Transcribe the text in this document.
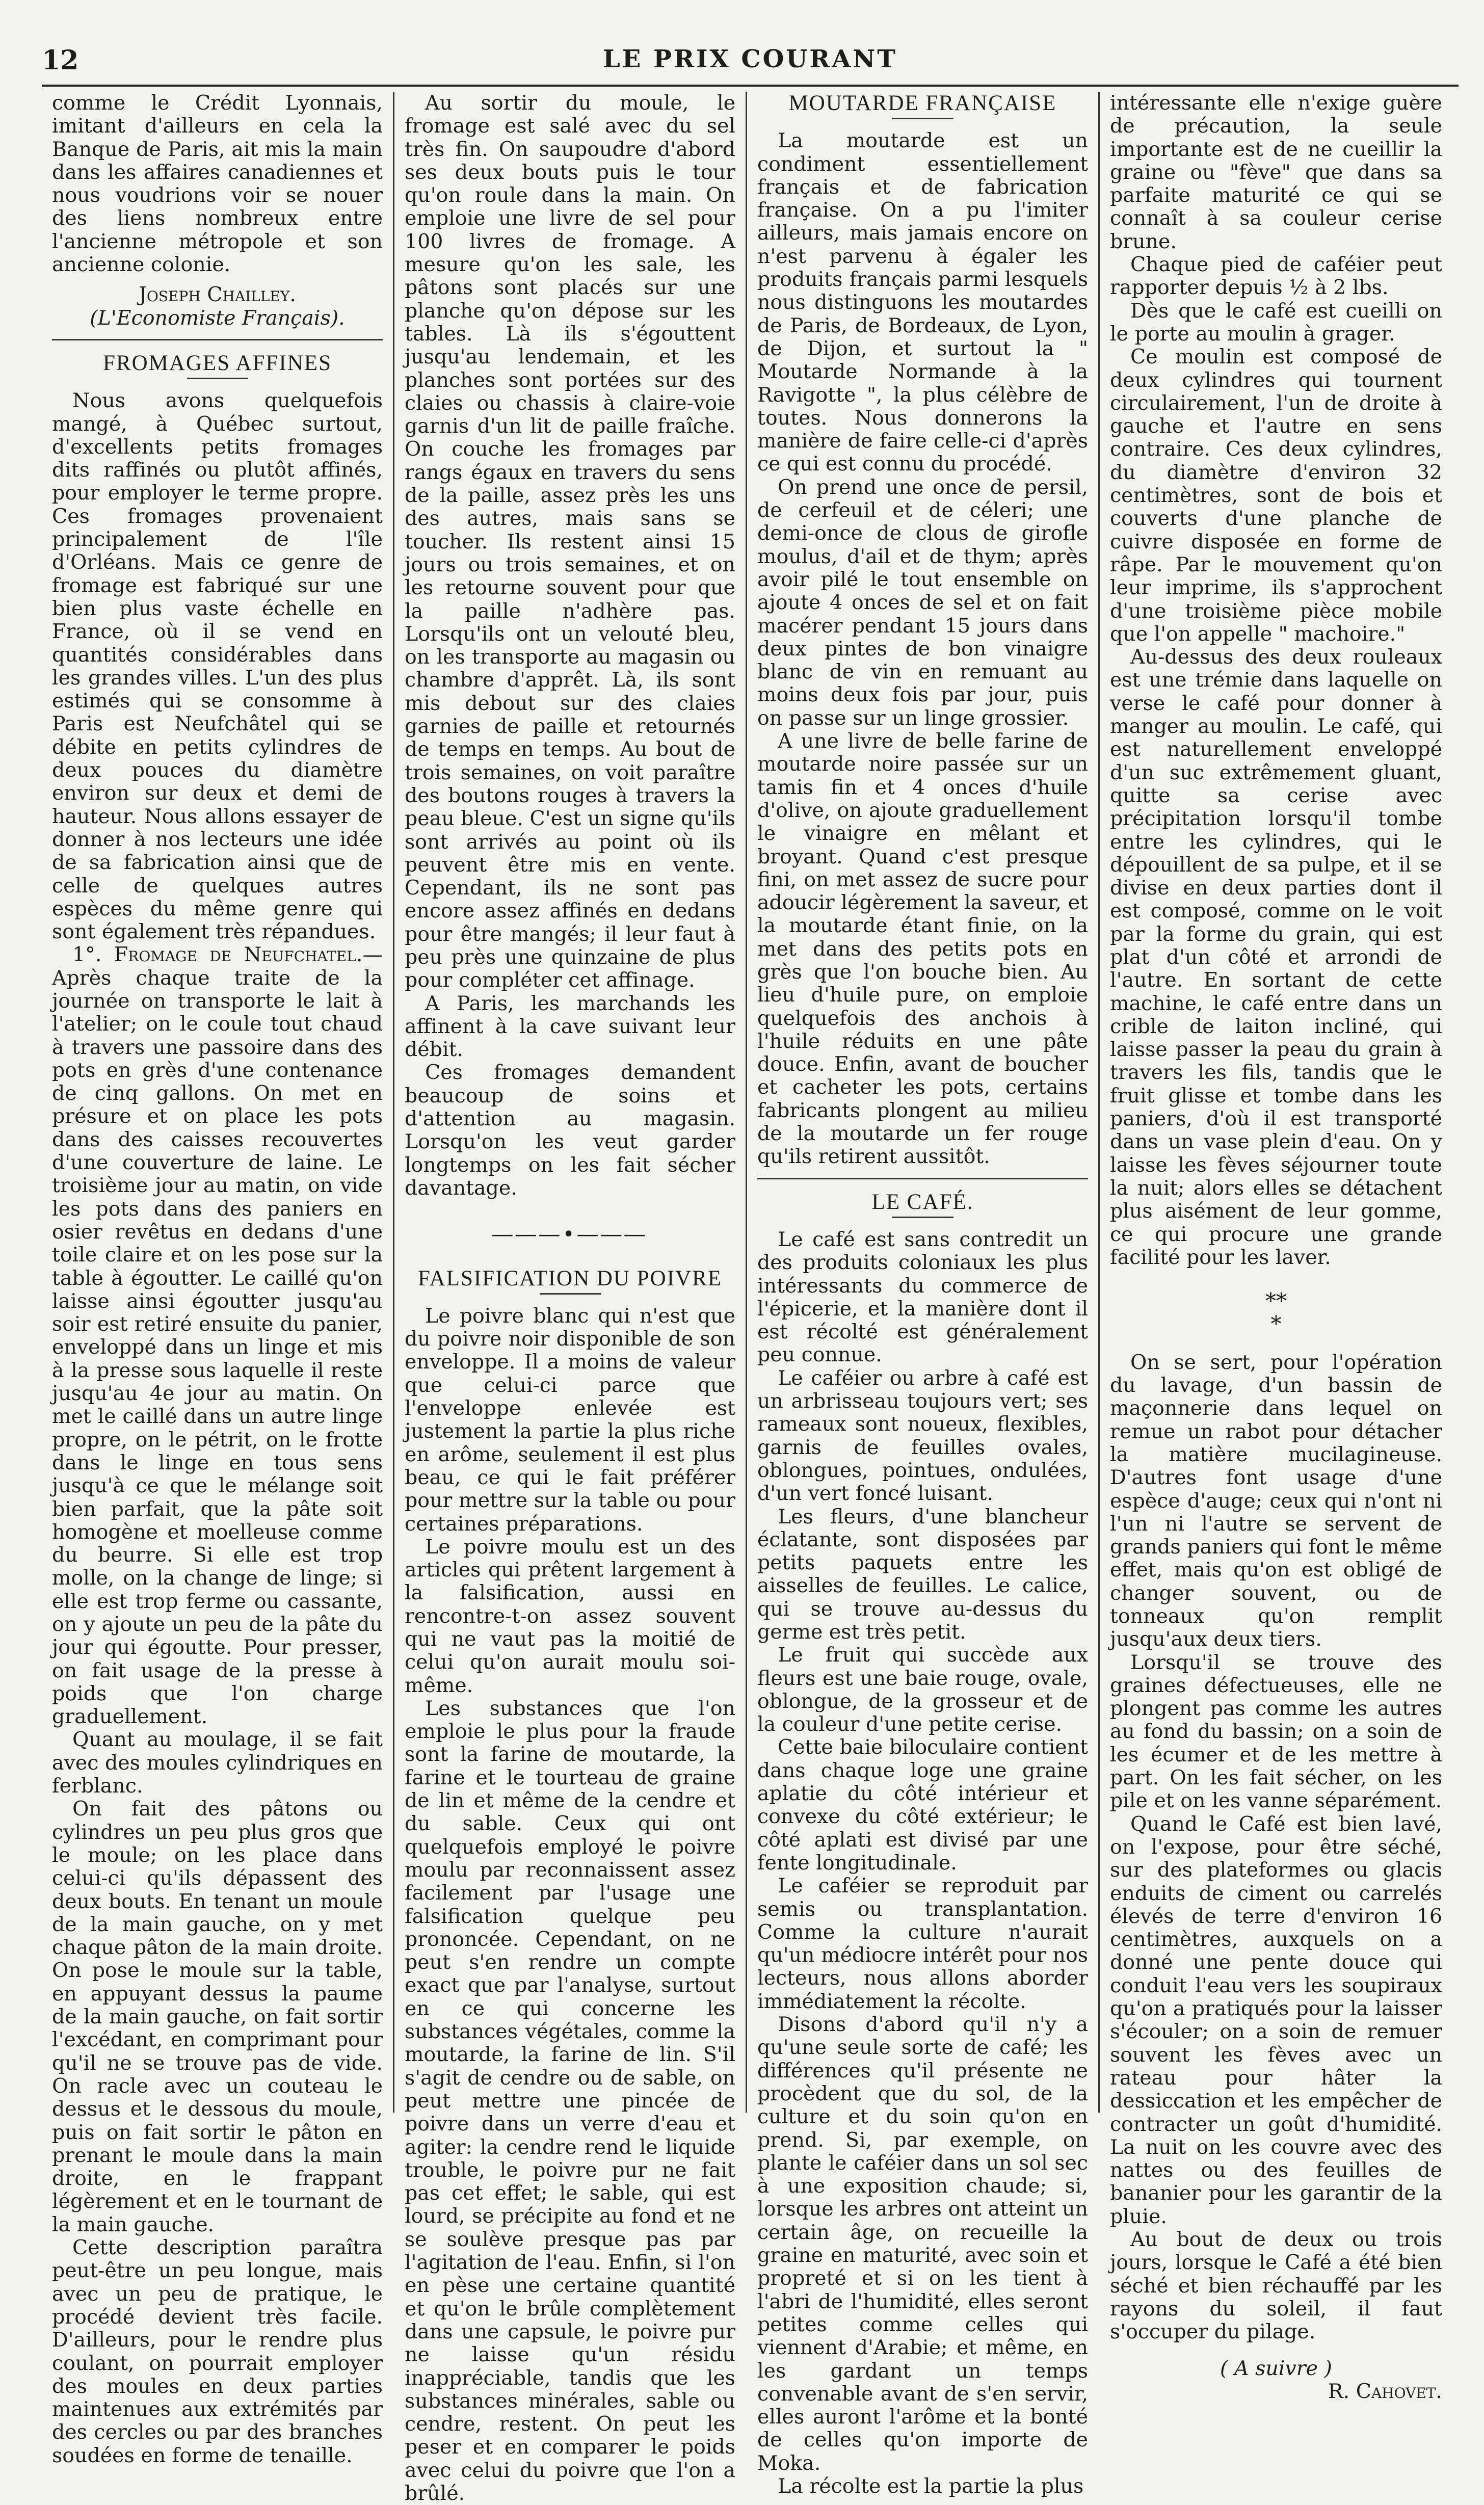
12	LE PRIX COURANT

comme le Crédit Lyonnais, imitant d'ailleurs en cela la Banque de Paris, ait mis la main dans les affaires canadiennes et nous voudrions voir se nouer des liens nombreux entre l'ancienne métropole et son ancienne colonie.

Joseph Chailley.

(L'Economiste Français).

FROMAGES AFFINES

Nous avons quelquefois mangé, à Québec surtout, d'excellents petits fromages dits raffinés ou plutôt affinés, pour employer le terme propre. Ces fromages provenaient principalement de l'île d'Orléans. Mais ce genre de fromage est fabriqué sur une bien plus vaste échelle en France, où il se vend en quantités considérables dans les grandes villes. L'un des plus estimés qui se consomme à Paris est Neufchâtel qui se débite en petits cylindres de deux pouces du diamètre environ sur deux et demi de hauteur. Nous allons essayer de donner à nos lecteurs une idée de sa fabrication ainsi que de celle de quelques autres espèces du même genre qui sont également très répandues.

1°. Fromage de Neufchatel.— Après chaque traite de la journée on transporte le lait à l'atelier; on le coule tout chaud à travers une passoire dans des pots en grès d'une contenance de cinq gallons. On met en présure et on place les pots dans des caisses recouvertes d'une couverture de laine. Le troisième jour au matin, on vide les pots dans des paniers en osier revêtus en dedans d'une toile claire et on les pose sur la table à égoutter. Le caillé qu'on laisse ainsi égoutter jusqu'au soir est retiré ensuite du panier, enveloppé dans un linge et mis à la presse sous laquelle il reste jusqu'au 4e jour au matin. On met le caillé dans un autre linge propre, on le pétrit, on le frotte dans le linge en tous sens jusqu'à ce que le mélange soit bien parfait, que la pâte soit homogène et moelleuse comme du beurre. Si elle est trop molle, on la change de linge; si elle est trop ferme ou cassante, on y ajoute un peu de la pâte du jour qui égoutte. Pour presser, on fait usage de la presse à poids que l'on charge graduellement.

Quant au moulage, il se fait avec des moules cylindriques en ferblanc.

On fait des pâtons ou cylindres un peu plus gros que le moule; on les place dans celui-ci qu'ils dépassent des deux bouts. En tenant un moule de la main gauche, on y met chaque pâton de la main droite. On pose le moule sur la table, en appuyant dessus la paume de la main gauche, on fait sortir l'excédant, en comprimant pour qu'il ne se trouve pas de vide. On racle avec un couteau le dessus et le dessous du moule, puis on fait sortir le pâton en prenant le moule dans la main droite, en le frappant légèrement et en le tournant de la main gauche.

Cette description paraîtra peut-être un peu longue, mais avec un peu de pratique, le procédé devient très facile. D'ailleurs, pour le rendre plus coulant, on pourrait employer des moules en deux parties maintenues aux extrémités par des cercles ou par des branches soudées en forme de tenaille.

Au sortir du moule, le fromage est salé avec du sel très fin. On saupoudre d'abord ses deux bouts puis le tour qu'on roule dans la main. On emploie une livre de sel pour 100 livres de fromage. A mesure qu'on les sale, les pâtons sont placés sur une planche qu'on dépose sur les tables. Là ils s'égouttent jusqu'au lendemain, et les planches sont portées sur des claies ou chassis à claire-voie garnis d'un lit de paille fraîche. On couche les fromages par rangs égaux en travers du sens de la paille, assez près les uns des autres, mais sans se toucher. Ils restent ainsi 15 jours ou trois semaines, et on les retourne souvent pour que la paille n'adhère pas. Lorsqu'ils ont un velouté bleu, on les transporte au magasin ou chambre d'apprêt. Là, ils sont mis debout sur des claies garnies de paille et retournés de temps en temps. Au bout de trois semaines, on voit paraître des boutons rouges à travers la peau bleue. C'est un signe qu'ils sont arrivés au point où ils peuvent être mis en vente. Cependant, ils ne sont pas encore assez affinés en dedans pour être mangés; il leur faut à peu près une quinzaine de plus pour compléter cet affinage.

A Paris, les marchands les affinent à la cave suivant leur débit.

Ces fromages demandent beaucoup de soins et d'attention au magasin. Lorsqu'on les veut garder longtemps on les fait sécher davantage.

―――•―――
FALSIFICATION DU POIVRE

Le poivre blanc qui n'est que du poivre noir disponible de son enveloppe. Il a moins de valeur que celui-ci parce que l'enveloppe enlevée est justement la partie la plus riche en arôme, seulement il est plus beau, ce qui le fait préférer pour mettre sur la table ou pour certaines préparations.

Le poivre moulu est un des articles qui prêtent largement à la falsification, aussi en rencontre-t-on assez souvent qui ne vaut pas la moitié de celui qu'on aurait moulu soi-même.

Les substances que l'on emploie le plus pour la fraude sont la farine de moutarde, la farine et le tourteau de graine de lin et même de la cendre et du sable. Ceux qui ont quelquefois employé le poivre moulu par reconnaissent assez facilement par l'usage une falsification quelque peu prononcée. Cependant, on ne peut s'en rendre un compte exact que par l'analyse, surtout en ce qui concerne les substances végétales, comme la moutarde, la farine de lin. S'il s'agit de cendre ou de sable, on peut mettre une pincée de poivre dans un verre d'eau et agiter: la cendre rend le liquide trouble, le poivre pur ne fait pas cet effet; le sable, qui est lourd, se précipite au fond et ne se soulève presque pas par l'agitation de l'eau. Enfin, si l'on en pèse une certaine quantité et qu'on le brûle complètement dans une capsule, le poivre pur ne laisse qu'un résidu inappréciable, tandis que les substances minérales, sable ou cendre, restent. On peut les peser et en comparer le poids avec celui du poivre que l'on a brûlé.

MOUTARDE FRANÇAISE

La moutarde est un condiment essentiellement français et de fabrication française. On a pu l'imiter ailleurs, mais jamais encore on n'est parvenu à égaler les produits français parmi lesquels nous distinguons les moutardes de Paris, de Bordeaux, de Lyon, de Dijon, et surtout la " Moutarde Normande à la Ravigotte ", la plus célèbre de toutes. Nous donnerons la manière de faire celle-ci d'après ce qui est connu du procédé.

On prend une once de persil, de cerfeuil et de céleri; une demi-once de clous de girofle moulus, d'ail et de thym; après avoir pilé le tout ensemble on ajoute 4 onces de sel et on fait macérer pendant 15 jours dans deux pintes de bon vinaigre blanc de vin en remuant au moins deux fois par jour, puis on passe sur un linge grossier.

A une livre de belle farine de moutarde noire passée sur un tamis fin et 4 onces d'huile d'olive, on ajoute graduellement le vinaigre en mêlant et broyant. Quand c'est presque fini, on met assez de sucre pour adoucir légèrement la saveur, et la moutarde étant finie, on la met dans des petits pots en grès que l'on bouche bien. Au lieu d'huile pure, on emploie quelquefois des anchois à l'huile réduits en une pâte douce. Enfin, avant de boucher et cacheter les pots, certains fabricants plongent au milieu de la moutarde un fer rouge qu'ils retirent aussitôt.

LE CAFÉ.

Le café est sans contredit un des produits coloniaux les plus intéressants du commerce de l'épicerie, et la manière dont il est récolté est généralement peu connue.

Le caféier ou arbre à café est un arbrisseau toujours vert; ses rameaux sont noueux, flexibles, garnis de feuilles ovales, oblongues, pointues, ondulées, d'un vert foncé luisant.

Les fleurs, d'une blancheur éclatante, sont disposées par petits paquets entre les aisselles de feuilles. Le calice, qui se trouve au-dessus du germe est très petit.

Le fruit qui succède aux fleurs est une baie rouge, ovale, oblongue, de la grosseur et de la couleur d'une petite cerise.

Cette baie biloculaire contient dans chaque loge une graine aplatie du côté intérieur et convexe du côté extérieur; le côté aplati est divisé par une fente longitudinale.

Le caféier se reproduit par semis ou transplantation. Comme la culture n'aurait qu'un médiocre intérêt pour nos lecteurs, nous allons aborder immédiatement la récolte.

Disons d'abord qu'il n'y a qu'une seule sorte de café; les différences qu'il présente ne procèdent que du sol, de la culture et du soin qu'on en prend. Si, par exemple, on plante le caféier dans un sol sec à une exposition chaude; si, lorsque les arbres ont atteint un certain âge, on recueille la graine en maturité, avec soin et propreté et si on les tient à l'abri de l'humidité, elles seront petites comme celles qui viennent d'Arabie; et même, en les gardant un temps convenable avant de s'en servir, elles auront l'arôme et la bonté de celles qu'on importe de Moka.

La récolte est la partie la plus

intéressante elle n'exige guère de précaution, la seule importante est de ne cueillir la graine ou "fève" que dans sa parfaite maturité ce qui se connaît à sa couleur cerise brune.

Chaque pied de caféier peut rapporter depuis ½ à 2 lbs.

Dès que le café est cueilli on le porte au moulin à grager.

Ce moulin est composé de deux cylindres qui tournent circulairement, l'un de droite à gauche et l'autre en sens contraire. Ces deux cylindres, du diamètre d'environ 32 centimètres, sont de bois et couverts d'une planche de cuivre disposée en forme de râpe. Par le mouvement qu'on leur imprime, ils s'approchent d'une troisième pièce mobile que l'on appelle " machoire."

Au-dessus des deux rouleaux est une trémie dans laquelle on verse le café pour donner à manger au moulin. Le café, qui est naturellement enveloppé d'un suc extrêmement gluant, quitte sa cerise avec précipitation lorsqu'il tombe entre les cylindres, qui le dépouillent de sa pulpe, et il se divise en deux parties dont il est composé, comme on le voit par la forme du grain, qui est plat d'un côté et arrondi de l'autre. En sortant de cette machine, le café entre dans un crible de laiton incliné, qui laisse passer la peau du grain à travers les fils, tandis que le fruit glisse et tombe dans les paniers, d'où il est transporté dans un vase plein d'eau. On y laisse les fèves séjourner toute la nuit; alors elles se détachent plus aisément de leur gomme, ce qui procure une grande facilité pour les laver.

**
*

On se sert, pour l'opération du lavage, d'un bassin de maçonnerie dans lequel on remue un rabot pour détacher la matière mucilagineuse. D'autres font usage d'une espèce d'auge; ceux qui n'ont ni l'un ni l'autre se servent de grands paniers qui font le même effet, mais qu'on est obligé de changer souvent, ou de tonneaux qu'on remplit jusqu'aux deux tiers.

Lorsqu'il se trouve des graines défectueuses, elle ne plongent pas comme les autres au fond du bassin; on a soin de les écumer et de les mettre à part. On les fait sécher, on les pile et on les vanne séparément.

Quand le Café est bien lavé, on l'expose, pour être séché, sur des plateformes ou glacis enduits de ciment ou carrelés élevés de terre d'environ 16 centimètres, auxquels on a donné une pente douce qui conduit l'eau vers les soupiraux qu'on a pratiqués pour la laisser s'écouler; on a soin de remuer souvent les fèves avec un rateau pour hâter la dessiccation et les empêcher de contracter un goût d'humidité. La nuit on les couvre avec des nattes ou des feuilles de bananier pour les garantir de la pluie.

Au bout de deux ou trois jours, lorsque le Café a été bien séché et bien réchauffé par les rayons du soleil, il faut s'occuper du pilage.

( A suivre )

R. Cahovet.
